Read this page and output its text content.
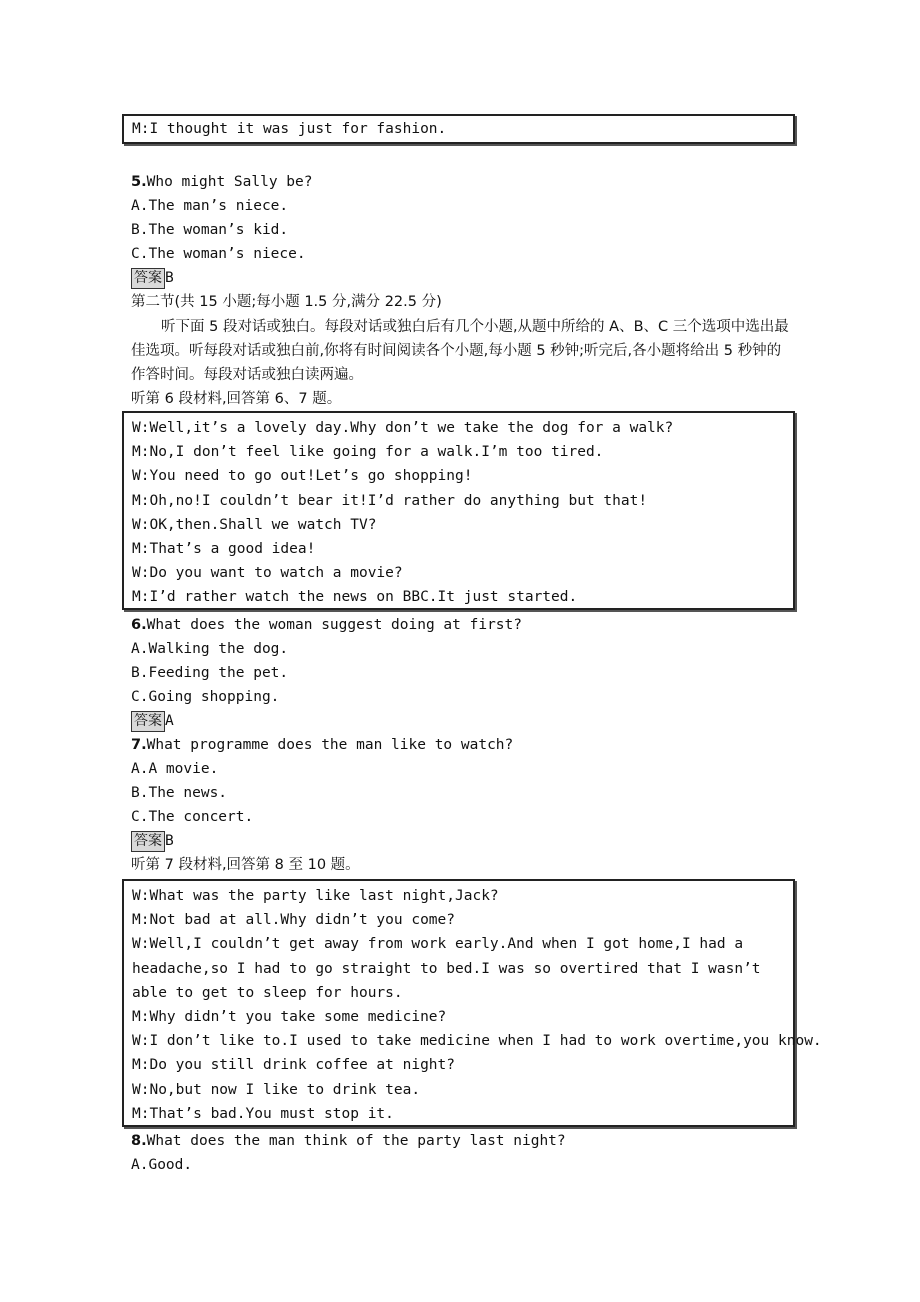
M:I thought it was just for fashion.
5.Who might Sally be?
A.The man’s niece.
B.The woman’s kid.
C.The woman’s niece.
答案 B
第二节(共 15 小题;每小题 1.5 分,满分 22.5 分)
听下面 5 段对话或独白。每段对话或独白后有几个小题,从题中所给的 A、B、C 三个选项中选出最佳选项。听每段对话或独白前,你将有时间阅读各个小题,每小题 5 秒钟;听完后,各小题将给出 5 秒钟的作答时间。每段对话或独白读两遍。
听第 6 段材料,回答第 6、7 题。
W:Well,it’s a lovely day.Why don’t we take the dog for a walk?
M:No,I don’t feel like going for a walk.I’m too tired.
W:You need to go out!Let’s go shopping!
M:Oh,no!I couldn’t bear it!I’d rather do anything but that!
W:OK,then.Shall we watch TV?
M:That’s a good idea!
W:Do you want to watch a movie?
M:I’d rather watch the news on BBC.It just started.
6.What does the woman suggest doing at first?
A.Walking the dog.
B.Feeding the pet.
C.Going shopping.
答案 A
7.What programme does the man like to watch?
A.A movie.
B.The news.
C.The concert.
答案 B
听第 7 段材料,回答第 8 至 10 题。
W:What was the party like last night,Jack?
M:Not bad at all.Why didn’t you come?
W:Well,I couldn’t get away from work early.And when I got home,I had a headache,so I had to go straight to bed.I was so overtired that I wasn’t able to get to sleep for hours.
M:Why didn’t you take some medicine?
W:I don’t like to.I used to take medicine when I had to work overtime,you know.
M:Do you still drink coffee at night?
W:No,but now I like to drink tea.
M:That’s bad.You must stop it.
8.What does the man think of the party last night?
A.Good.
